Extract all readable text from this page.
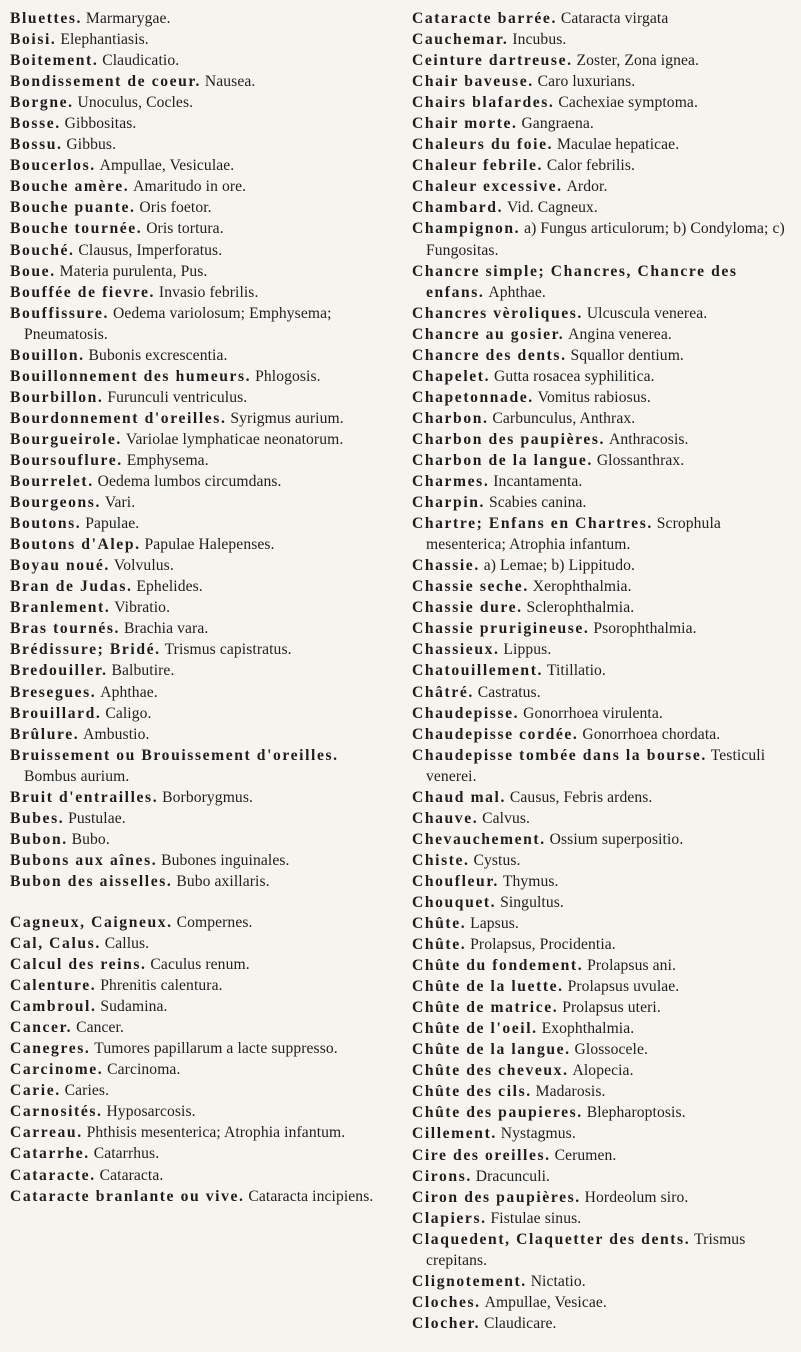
Bluettes. Marmarygae.
Boisi. Elephantiasis.
Boitement. Claudicatio.
Bondissement de coeur. Nausea.
Borgne. Unoculus, Cocles.
Bosse. Gibbositas.
Bossu. Gibbus.
Boucerlos. Ampullae, Vesiculae.
Bouche amère. Amaritudo in ore.
Bouche puante. Oris foetor.
Bouche tournée. Oris tortura.
Bouché. Clausus, Imperforatus.
Boue. Materia purulenta, Pus.
Bouffée de fievre. Invasio febrilis.
Bouffissure. Oedema variolosum; Emphysema; Pneumatosis.
Bouillon. Bubonis excrescentia.
Bouillonnement des humeurs. Phlogosis.
Bourbillon. Furunculi ventriculus.
Bourdonnement d'oreilles. Syrigmus aurium.
Bourgueirole. Variolae lymphaticae neonatorum.
Boursouflure. Emphysema.
Bourrelet. Oedema lumbos circumdans.
Bourgeons. Vari.
Boutons. Papulae.
Boutons d'Alep. Papulae Halepenses.
Boyau noué. Volvulus.
Bran de Judas. Ephelides.
Branlement. Vibratio.
Bras tournés. Brachia vara.
Brédissure; Bridé. Trismus capistratus.
Bredouiller. Balbutire.
Bresegues. Aphthae.
Brouillard. Caligo.
Brûlure. Ambustio.
Bruissement ou Brouissement d'oreilles. Bombus aurium.
Bruit d'entrailles. Borborygmus.
Bubes. Pustulae.
Bubon. Bubo.
Bubons aux aînes. Bubones inguinales.
Bubon des aisselles. Bubo axillaris.
Cagneux, Caigneux. Compernes.
Cal, Calus. Callus.
Calcul des reins. Caculus renum.
Calenture. Phrenitis calentura.
Cambroul. Sudamina.
Cancer. Cancer.
Canegres. Tumores papillarum a lacte suppresso.
Carcinome. Carcinoma.
Carie. Caries.
Carnosités. Hyposarcosis.
Carreau. Phthisis mesenterica; Atrophia infantum.
Catarrhe. Catarrhus.
Cataracte. Cataracta.
Cataracte branlante ou vive. Cataracta incipiens.
Cataracte barrée. Cataracta virgata
Cauchemar. Incubus.
Ceinture dartreuse. Zoster, Zona ignea.
Chair baveuse. Caro luxurians.
Chairs blafardes. Cachexiae symptoma.
Chair morte. Gangraena.
Chaleurs du foie. Maculae hepaticae.
Chaleur febrile. Calor febrilis.
Chaleur excessive. Ardor.
Chambard. Vid. Cagneux.
Champignon. a) Fungus articulorum; b) Condyloma; c) Fungositas.
Chancre simple; Chancres, Chancre des enfans. Aphthae.
Chancres vèroliques. Ulcuscula venerea.
Chancre au gosier. Angina venerea.
Chancre des dents. Squallor dentium.
Chapelet. Gutta rosacea syphilitica.
Chapetonnade. Vomitus rabiosus.
Charbon. Carbunculus, Anthrax.
Charbon des paupières. Anthracosis.
Charbon de la langue. Glossanthrax.
Charmes. Incantamenta.
Charpin. Scabies canina.
Chartre; Enfans en Chartres. Scrophula mesenterica; Atrophia infantum.
Chassie. a) Lemae; b) Lippitudo.
Chassie seche. Xerophthalmia.
Chassie dure. Sclerophthalmia.
Chassie prurigineuse. Psorophthalmia.
Chassieux. Lippus.
Chatouillement. Titillatio.
Châtré. Castratus.
Chaudepisse. Gonorrhoea virulenta.
Chaudepisse cordée. Gonorrhoea chordata.
Chaudepisse tombée dans la bourse. Testiculi venerei.
Chaud mal. Causus, Febris ardens.
Chauve. Calvus.
Chevauchement. Ossium superpositio.
Chiste. Cystus.
Choufleur. Thymus.
Chouquet. Singultus.
Chûte. Lapsus.
Chûte. Prolapsus, Procidentia.
Chûte du fondement. Prolapsus ani.
Chûte de la luette. Prolapsus uvulae.
Chûte de matrice. Prolapsus uteri.
Chûte de l'oeil. Exophthalmia.
Chûte de la langue. Glossocele.
Chûte des cheveux. Alopecia.
Chûte des cils. Madarosis.
Chûte des paupieres. Blepharoptosis.
Cillement. Nystagmus.
Cire des oreilles. Cerumen.
Cirons. Dracunculi.
Ciron des paupières. Hordeolum siro.
Clapiers. Fistulae sinus.
Claquedent, Claquetter des dents. Trismus crepitans.
Clignotement. Nictatio.
Cloches. Ampullae, Vesicae.
Clocher. Claudicare.
